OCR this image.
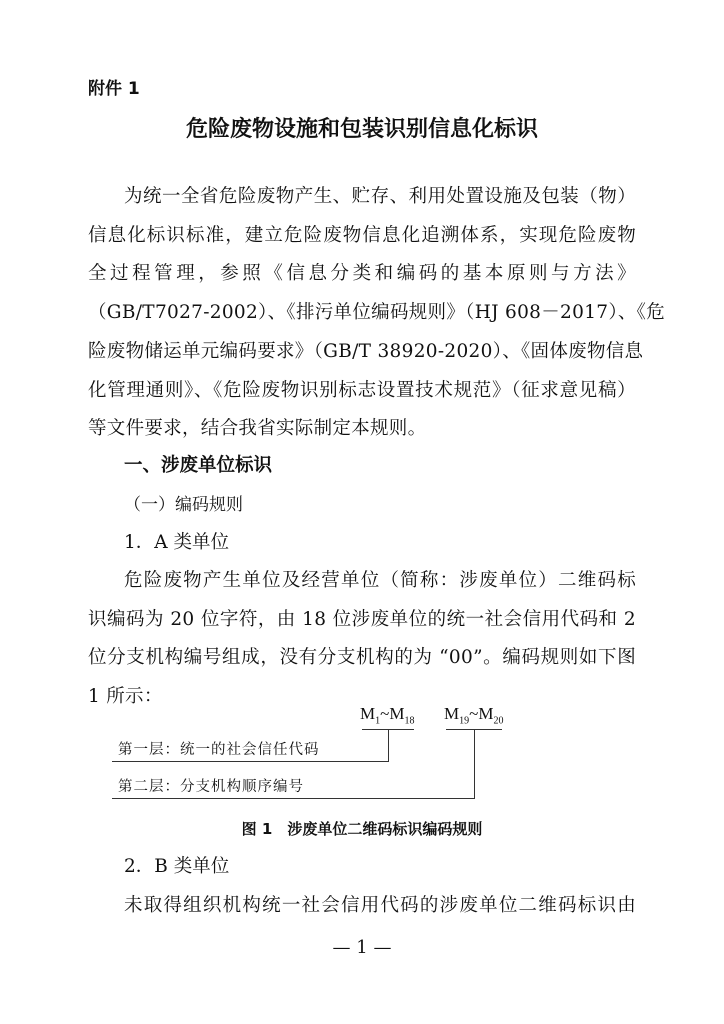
附件 1
危险废物设施和包装识别信息化标识
为统一全省危险废物产生、贮存、利用处置设施及包装（物）
信息化标识标准，建立危险废物信息化追溯体系，实现危险废物
全过程管理，参照《信息分类和编码的基本原则与方法》
（GB/T7027-2002）、《排污单位编码规则》（HJ 608－2017）、《危
险废物储运单元编码要求》（GB/T 38920-2020）、《固体废物信息
化管理通则》、《危险废物识别标志设置技术规范》（征求意见稿）
等文件要求，结合我省实际制定本规则。
一、涉废单位标识
（一）编码规则
1．A 类单位
危险废物产生单位及经营单位（简称：涉废单位）二维码标
识编码为 20 位字符，由 18 位涉废单位的统一社会信用代码和 2
位分支机构编号组成，没有分支机构的为 “00”。编码规则如下图
1 所示：
$M_1\sim M_{18}$ $M_{19}\sim M_{20}$
第一层：统一的社会信任代码
第二层：分支机构顺序编号
图 1　涉废单位二维码标识编码规则
2．B 类单位
未取得组织机构统一社会信用代码的涉废单位二维码标识由
— 1 —
